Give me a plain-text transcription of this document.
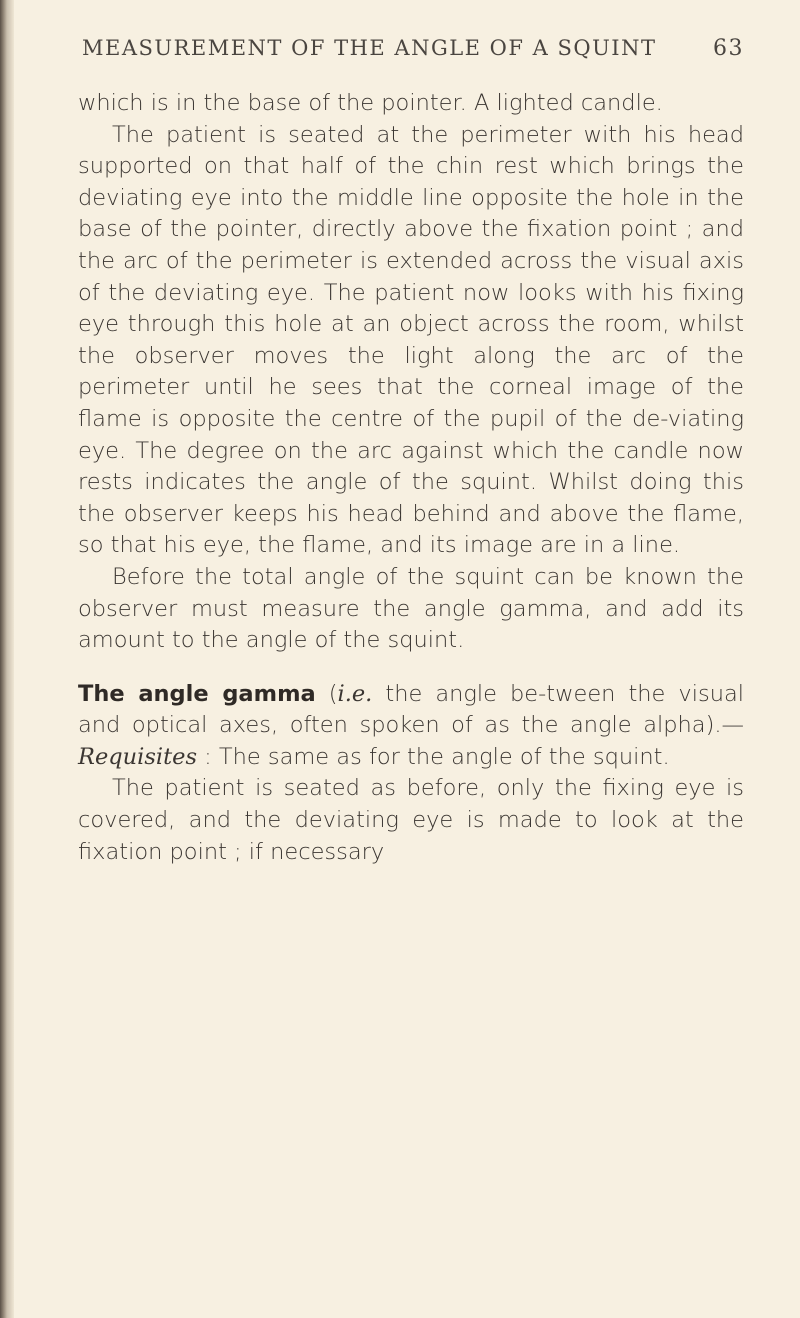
MEASUREMENT OF THE ANGLE OF A SQUINT	63

which is in the base of the pointer. A lighted candle.

The patient is seated at the perimeter with his head supported on that half of the chin rest which brings the deviating eye into the middle line opposite the hole in the base of the pointer, directly above the fixation point ; and the arc of the perimeter is extended across the visual axis of the deviating eye. The patient now looks with his fixing eye through this hole at an object across the room, whilst the observer moves the light along the arc of the perimeter until he sees that the corneal image of the flame is opposite the centre of the pupil of the de-viating eye. The degree on the arc against which the candle now rests indicates the angle of the squint. Whilst doing this the observer keeps his head behind and above the flame, so that his eye, the flame, and its image are in a line.

Before the total angle of the squint can be known the observer must measure the angle gamma, and add its amount to the angle of the squint.

The angle gamma (i.e. the angle be-tween the visual and optical axes, often spoken of as the angle alpha).—Requisites : The same as for the angle of the squint.

The patient is seated as before, only the fixing eye is covered, and the deviating eye is made to look at the fixation point ; if necessary
